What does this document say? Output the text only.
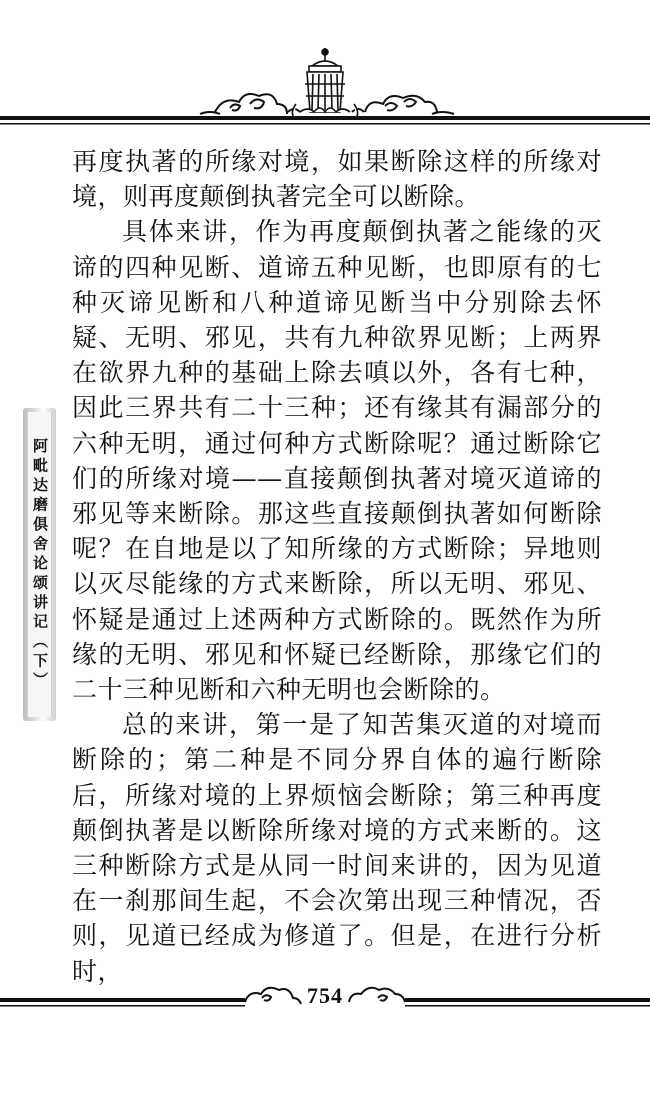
阿毗达磨俱舍论颂讲记（下）

再度执著的所缘对境，如果断除这样的所缘对境，则再度颠倒执著完全可以断除。

具体来讲，作为再度颠倒执著之能缘的灭谛的四种见断、道谛五种见断，也即原有的七种灭谛见断和八种道谛见断当中分别除去怀疑、无明、邪见，共有九种欲界见断；上两界在欲界九种的基础上除去嗔以外，各有七种，因此三界共有二十三种；还有缘其有漏部分的六种无明，通过何种方式断除呢？通过断除它们的所缘对境——直接颠倒执著对境灭道谛的邪见等来断除。那这些直接颠倒执著如何断除呢？在自地是以了知所缘的方式断除；异地则以灭尽能缘的方式来断除，所以无明、邪见、怀疑是通过上述两种方式断除的。既然作为所缘的无明、邪见和怀疑已经断除，那缘它们的二十三种见断和六种无明也会断除的。

总的来讲，第一是了知苦集灭道的对境而断除的；第二种是不同分界自体的遍行断除后，所缘对境的上界烦恼会断除；第三种再度颠倒执著是以断除所缘对境的方式来断的。这三种断除方式是从同一时间来讲的，因为见道在一刹那间生起，不会次第出现三种情况，否则，见道已经成为修道了。但是，在进行分析时，

754
